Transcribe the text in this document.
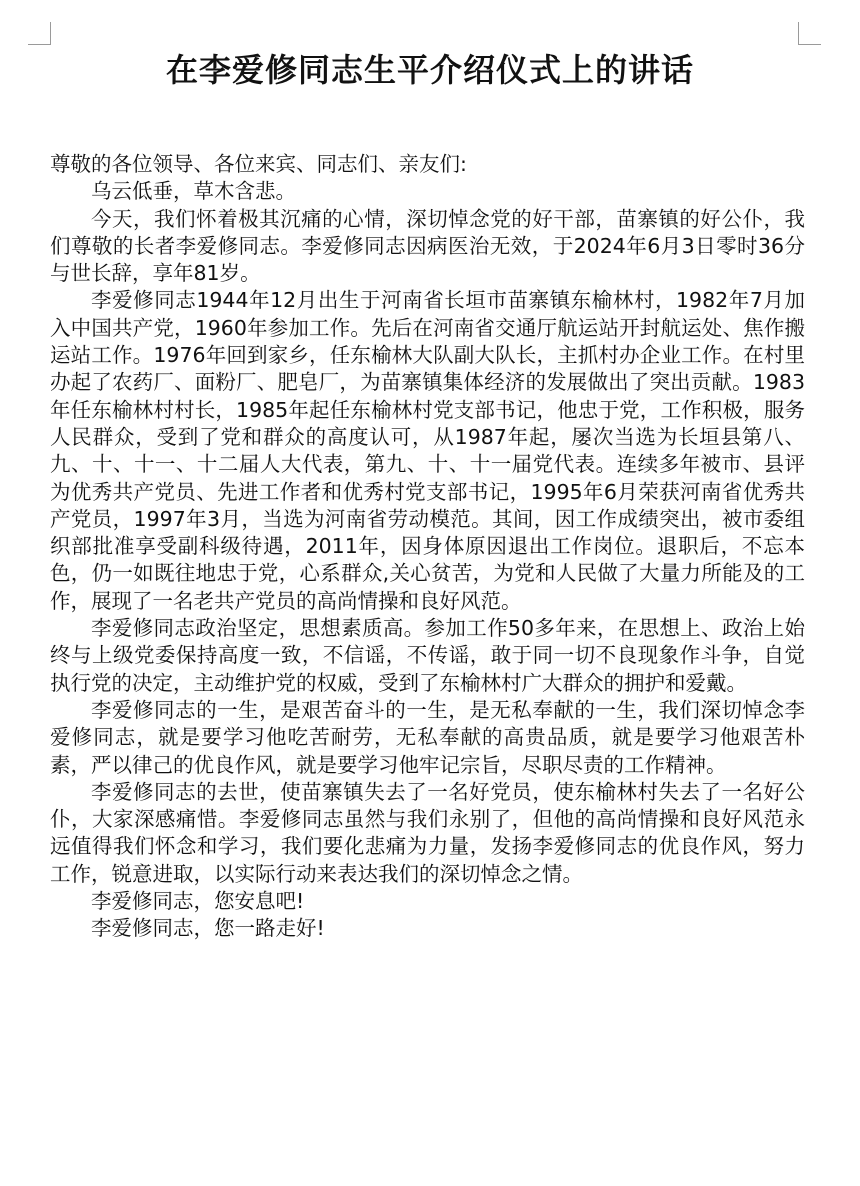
在李爱修同志生平介绍仪式上的讲话

尊敬的各位领导、各位来宾、同志们、亲友们:

乌云低垂，草木含悲。

今天，我们怀着极其沉痛的心情，深切悼念党的好干部，苗寨镇的好公仆，我们尊敬的长者李爱修同志。李爱修同志因病医治无效，于2024年6月3日零时36分与世长辞，享年81岁。

李爱修同志1944年12月出生于河南省长垣市苗寨镇东榆林村，1982年7月加入中国共产党，1960年参加工作。先后在河南省交通厅航运站开封航运处、焦作搬运站工作。1976年回到家乡，任东榆林大队副大队长，主抓村办企业工作。在村里办起了农药厂、面粉厂、肥皂厂，为苗寨镇集体经济的发展做出了突出贡献。1983年任东榆林村村长，1985年起任东榆林村党支部书记，他忠于党，工作积极，服务人民群众，受到了党和群众的高度认可，从1987年起，屡次当选为长垣县第八、九、十、十一、十二届人大代表，第九、十、十一届党代表。连续多年被市、县评为优秀共产党员、先进工作者和优秀村党支部书记，1995年6月荣获河南省优秀共产党员，1997年3月，当选为河南省劳动模范。其间，因工作成绩突出，被市委组织部批准享受副科级待遇，2011年，因身体原因退出工作岗位。退职后，不忘本色，仍一如既往地忠于党，心系群众,关心贫苦，为党和人民做了大量力所能及的工作，展现了一名老共产党员的高尚情操和良好风范。

李爱修同志政治坚定，思想素质高。参加工作50多年来，在思想上、政治上始终与上级党委保持高度一致，不信谣，不传谣，敢于同一切不良现象作斗争，自觉执行党的决定，主动维护党的权威，受到了东榆林村广大群众的拥护和爱戴。

李爱修同志的一生，是艰苦奋斗的一生，是无私奉献的一生，我们深切悼念李爱修同志，就是要学习他吃苦耐劳，无私奉献的高贵品质，就是要学习他艰苦朴素，严以律己的优良作风，就是要学习他牢记宗旨，尽职尽责的工作精神。

李爱修同志的去世，使苗寨镇失去了一名好党员，使东榆林村失去了一名好公仆，大家深感痛惜。李爱修同志虽然与我们永别了，但他的高尚情操和良好风范永远值得我们怀念和学习，我们要化悲痛为力量，发扬李爱修同志的优良作风，努力工作，锐意进取，以实际行动来表达我们的深切悼念之情。

李爱修同志，您安息吧!

李爱修同志，您一路走好!
